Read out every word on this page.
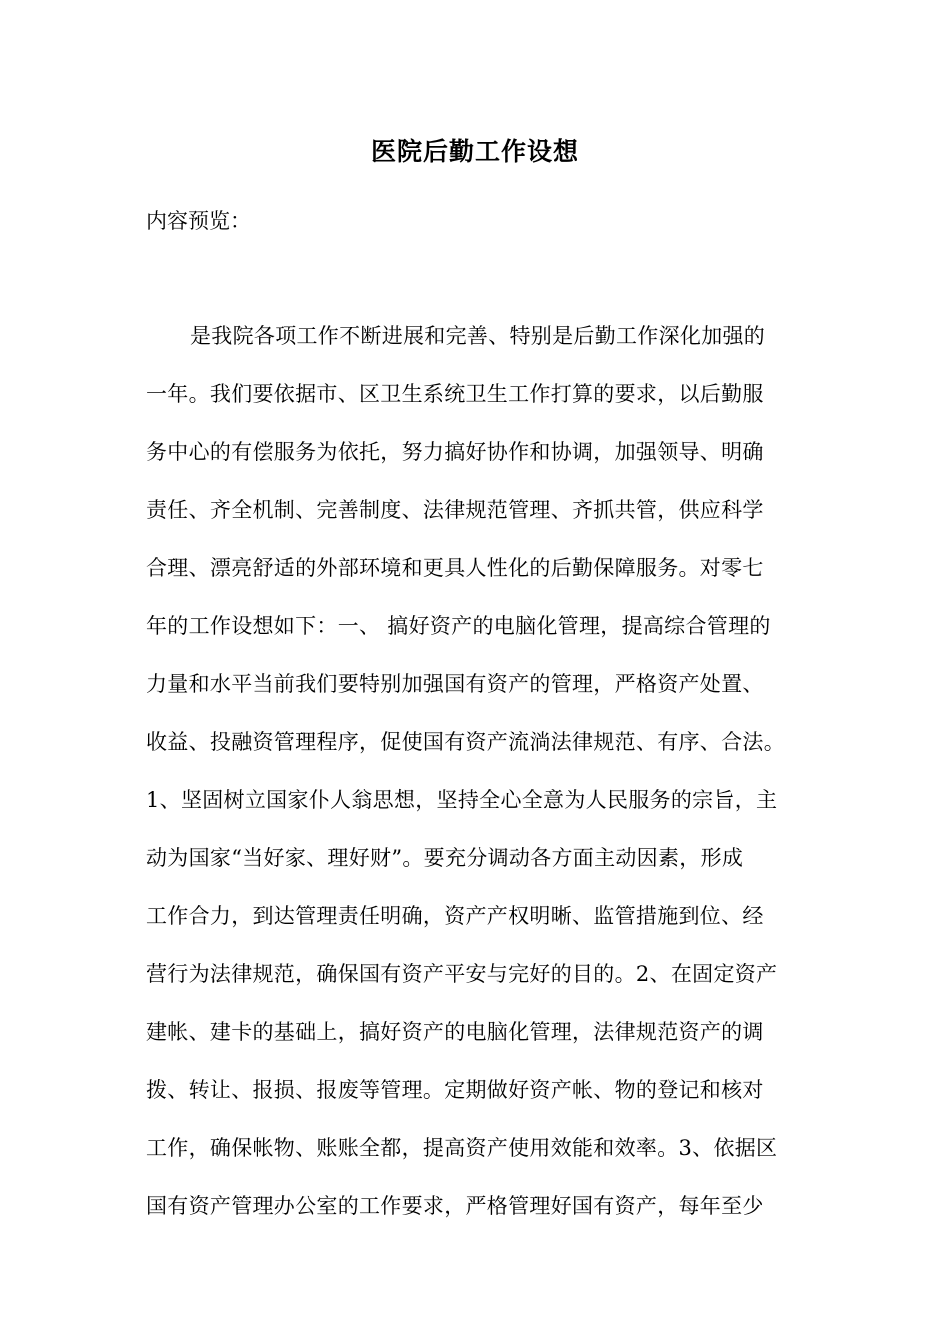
医院后勤工作设想
内容预览：
是我院各项工作不断进展和完善、特别是后勤工作深化加强的
一年。我们要依据市、区卫生系统卫生工作打算的要求，以后勤服
务中心的有偿服务为依托，努力搞好协作和协调，加强领导、明确
责任、齐全机制、完善制度、法律规范管理、齐抓共管，供应科学
合理、漂亮舒适的外部环境和更具人性化的后勤保障服务。对零七
年的工作设想如下：一、 搞好资产的电脑化管理，提高综合管理的
力量和水平当前我们要特别加强国有资产的管理，严格资产处置、
收益、投融资管理程序，促使国有资产流淌法律规范、有序、合法。
1、坚固树立国家仆人翁思想，坚持全心全意为人民服务的宗旨，主
动为国家“当好家、理好财”。要充分调动各方面主动因素，形成
工作合力，到达管理责任明确，资产产权明晰、监管措施到位、经
营行为法律规范，确保国有资产平安与完好的目的。2、在固定资产
建帐、建卡的基础上，搞好资产的电脑化管理，法律规范资产的调
拨、转让、报损、报废等管理。定期做好资产帐、物的登记和核对
工作，确保帐物、账账全都，提高资产使用效能和效率。3、依据区
国有资产管理办公室的工作要求，严格管理好国有资产，每年至少
